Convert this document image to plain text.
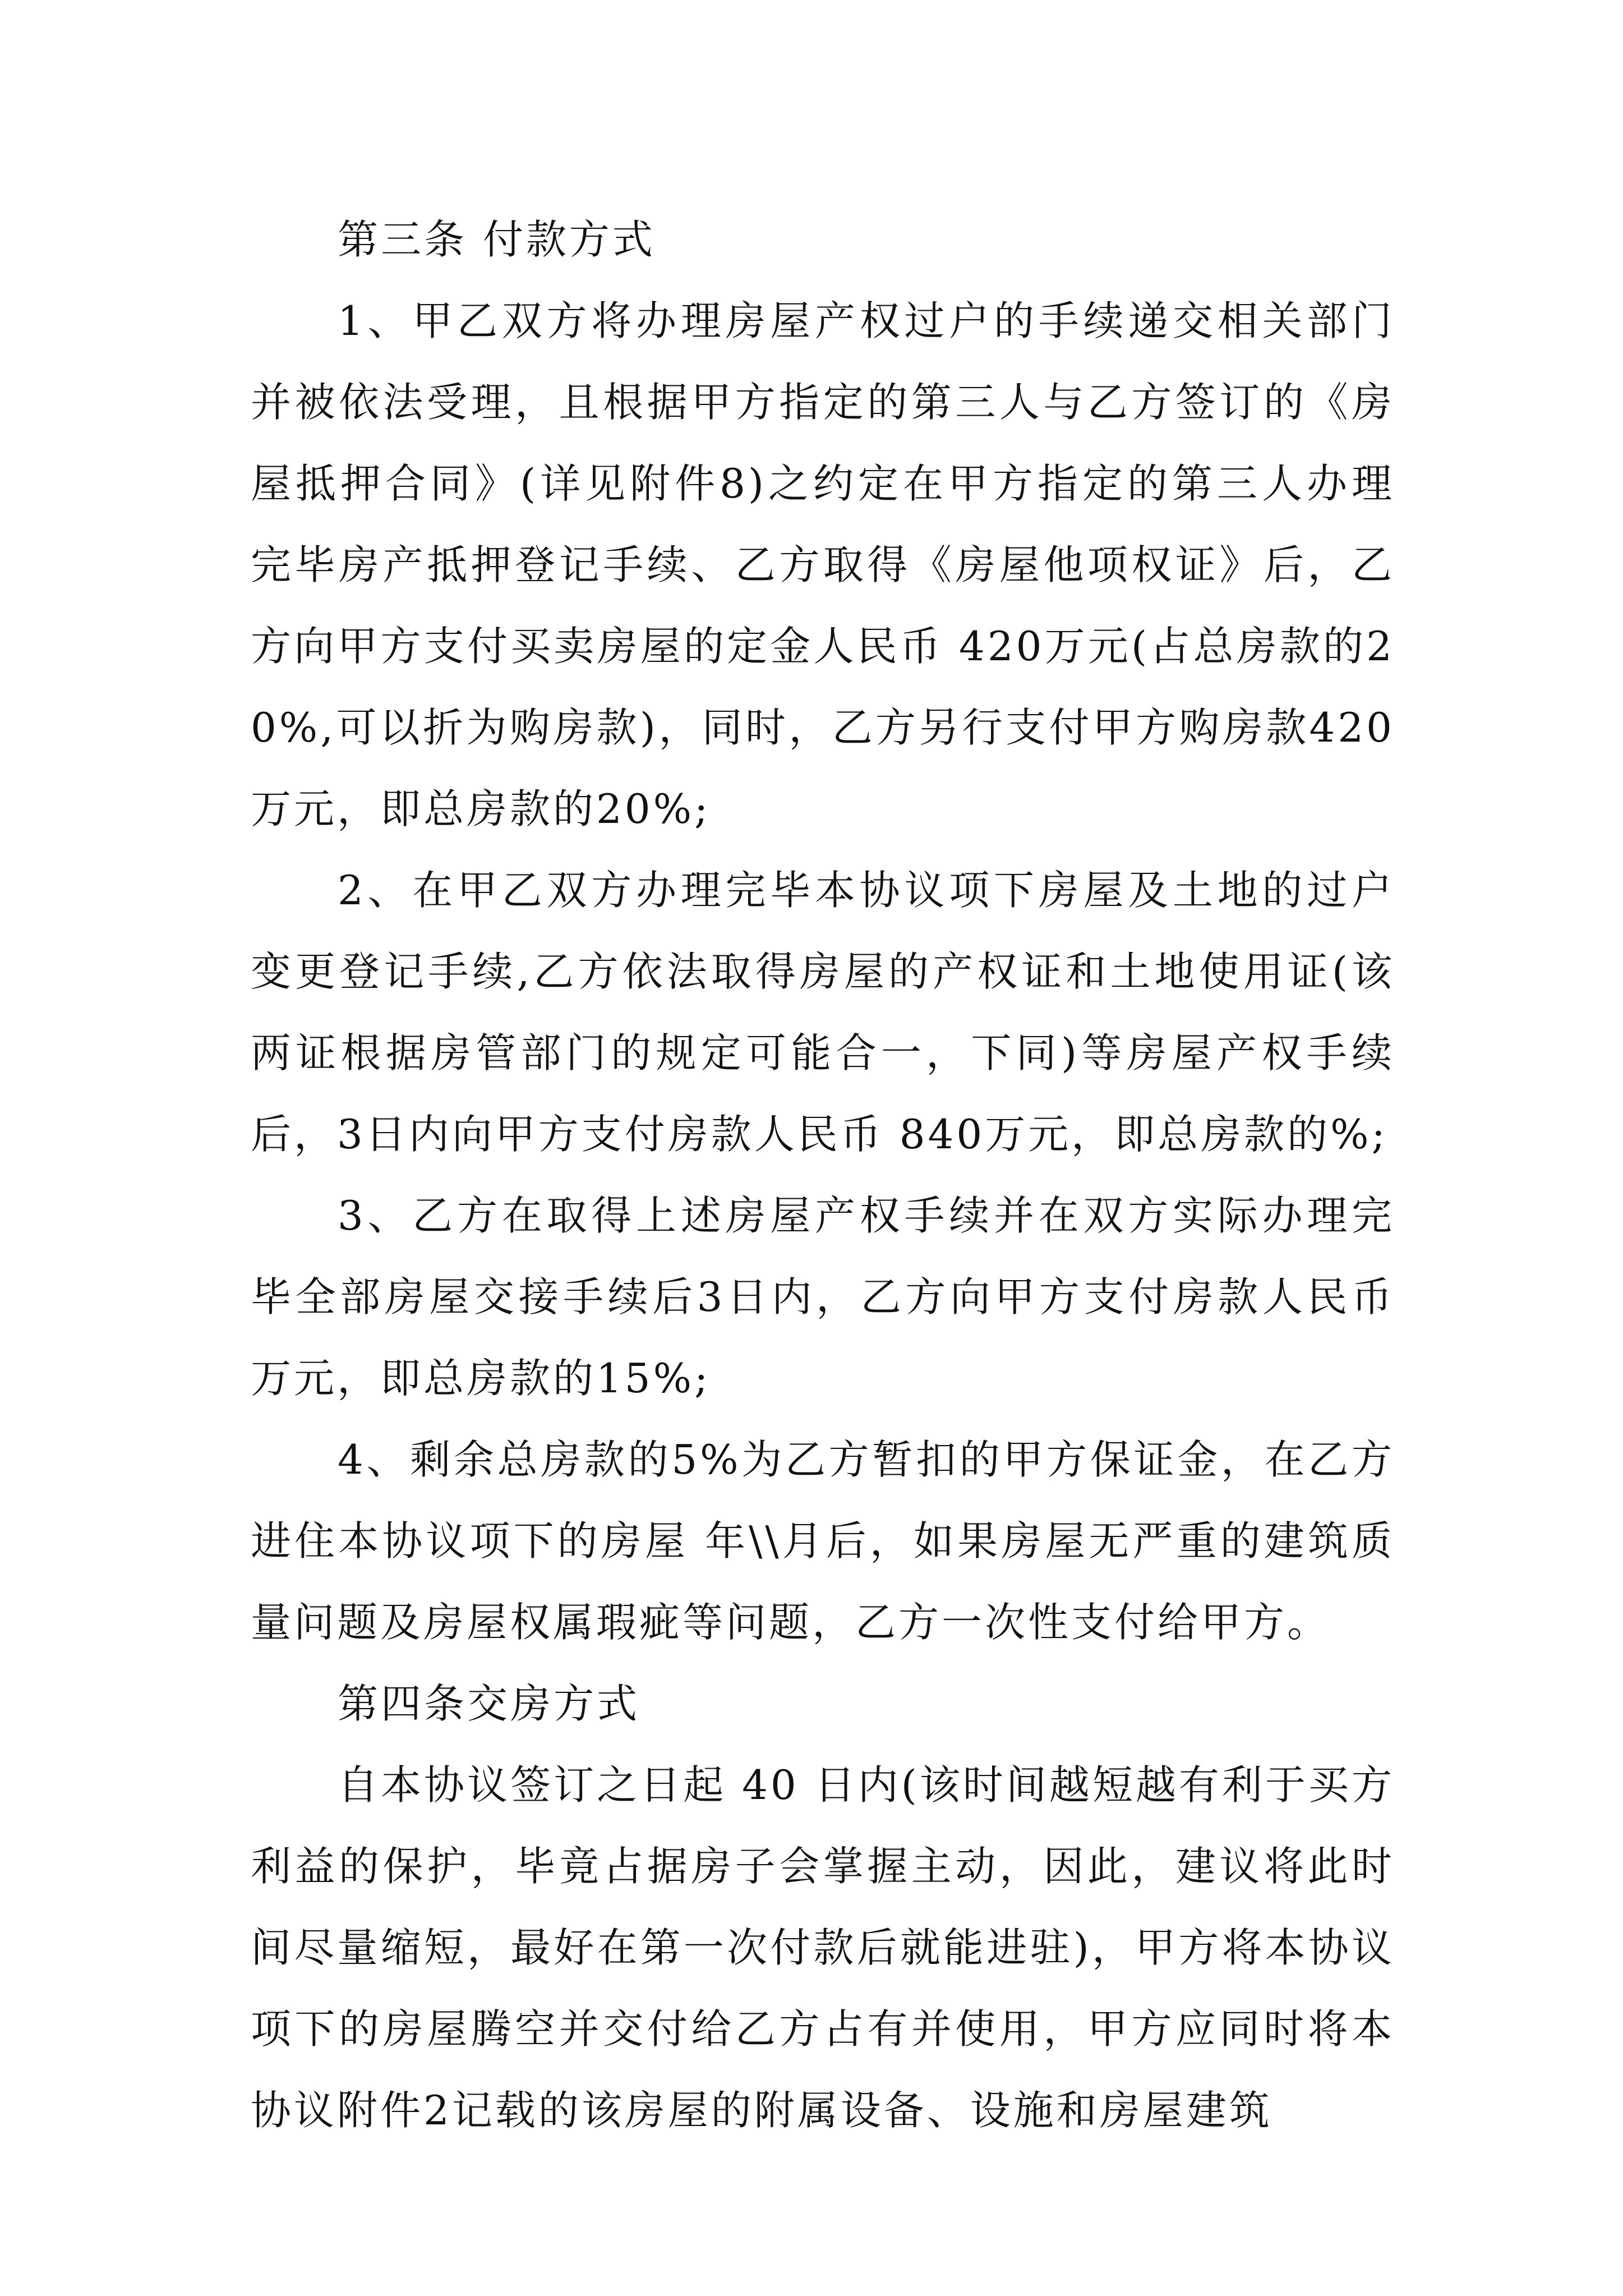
第三条 付款方式

1、甲乙双方将办理房屋产权过户的手续递交相关部门并被依法受理，且根据甲方指定的第三人与乙方签订的《房屋抵押合同》(详见附件8)之约定在甲方指定的第三人办理完毕房产抵押登记手续、乙方取得《房屋他项权证》后，乙方向甲方支付买卖房屋的定金人民币 420万元(占总房款的20%,可以折为购房款)，同时，乙方另行支付甲方购房款420万元，即总房款的20%;

2、在甲乙双方办理完毕本协议项下房屋及土地的过户变更登记手续,乙方依法取得房屋的产权证和土地使用证(该两证根据房管部门的规定可能合一，下同)等房屋产权手续后，3日内向甲方支付房款人民币 840万元，即总房款的%;

3、乙方在取得上述房屋产权手续并在双方实际办理完毕全部房屋交接手续后3日内，乙方向甲方支付房款人民币万元，即总房款的15%;

4、剩余总房款的5%为乙方暂扣的甲方保证金，在乙方进住本协议项下的房屋 年\\月后，如果房屋无严重的建筑质量问题及房屋权属瑕疵等问题，乙方一次性支付给甲方。

第四条交房方式

自本协议签订之日起 40 日内(该时间越短越有利于买方利益的保护，毕竟占据房子会掌握主动，因此，建议将此时间尽量缩短，最好在第一次付款后就能进驻)，甲方将本协议项下的房屋腾空并交付给乙方占有并使用，甲方应同时将本协议附件2记载的该房屋的附属设备、设施和房屋建筑
